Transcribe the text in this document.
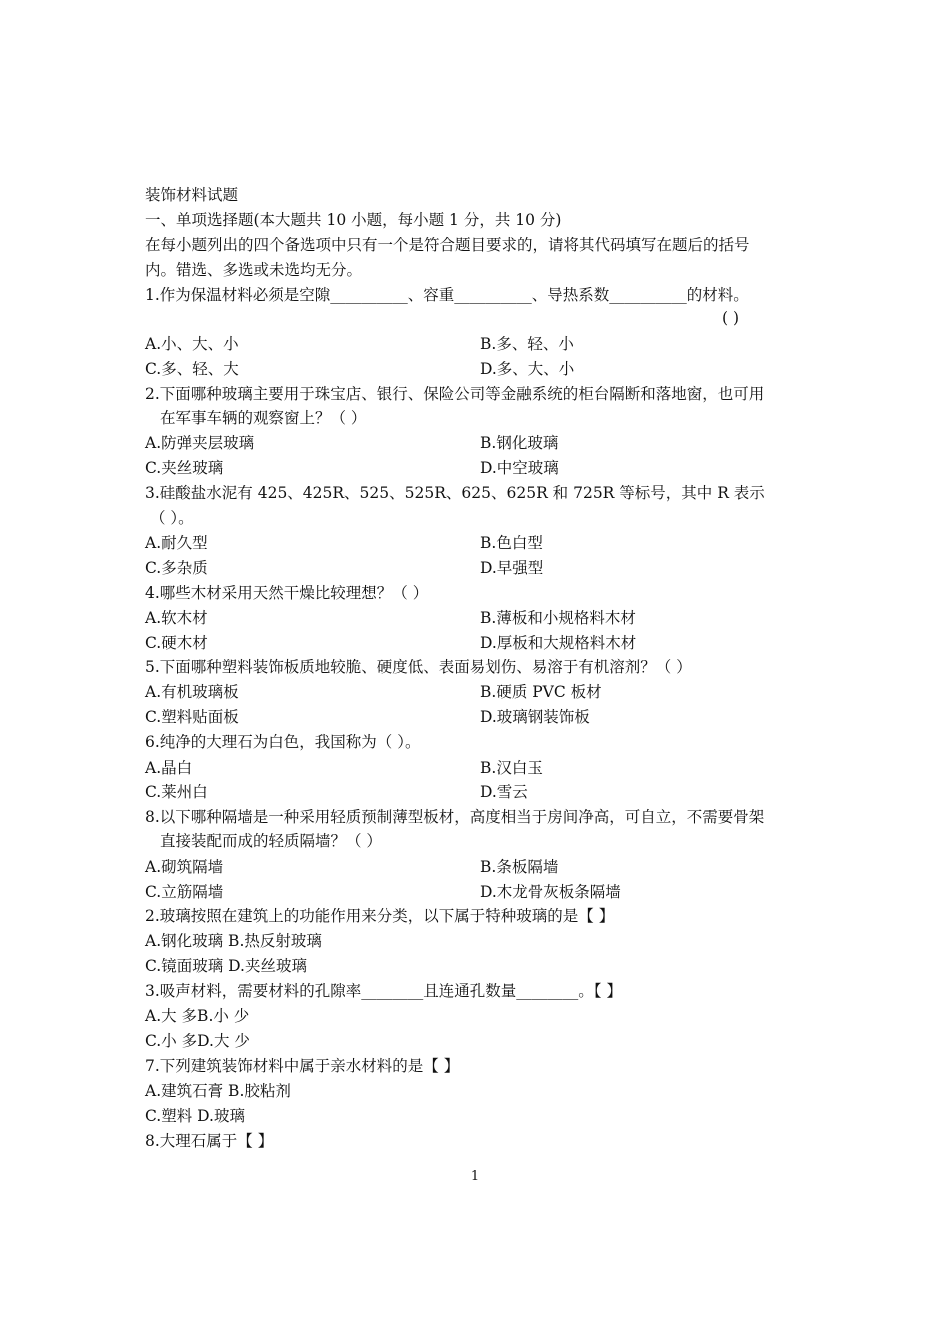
装饰材料试题
一、单项选择题(本大题共 10 小题，每小题 1 分，共 10 分)
在每小题列出的四个备选项中只有一个是符合题目要求的，请将其代码填写在题后的括号
内。错选、多选或未选均无分。
1.作为保温材料必须是空隙__________、容重__________、导热系数__________的材料。
( )
A.小、大、小	B.多、轻、小
C.多、轻、大	D.多、大、小
2.下面哪种玻璃主要用于珠宝店、银行、保险公司等金融系统的柜台隔断和落地窗，也可用
在军事车辆的观察窗上？（ ）
A.防弹夹层玻璃	B.钢化玻璃
C.夹丝玻璃	D.中空玻璃
3.硅酸盐水泥有 425、425R、525、525R、625、625R 和 725R 等标号，其中 R 表示
（ ）。
A.耐久型	B.色白型
C.多杂质	D.早强型
4.哪些木材采用天然干燥比较理想？（ ）
A.软木材	B.薄板和小规格料木材
C.硬木材	D.厚板和大规格料木材
5.下面哪种塑料装饰板质地较脆、硬度低、表面易划伤、易溶于有机溶剂？（ ）
A.有机玻璃板	B.硬质 PVC 板材
C.塑料贴面板	D.玻璃钢装饰板
6.纯净的大理石为白色，我国称为（ ）。
A.晶白	B.汉白玉
C.莱州白	D.雪云
8.以下哪种隔墙是一种采用轻质预制薄型板材，高度相当于房间净高，可自立，不需要骨架
直接装配而成的轻质隔墙？（ ）
A.砌筑隔墙	B.条板隔墙
C.立筋隔墙	D.木龙骨灰板条隔墙
2.玻璃按照在建筑上的功能作用来分类，以下属于特种玻璃的是【 】
A.钢化玻璃 B.热反射玻璃
C.镜面玻璃 D.夹丝玻璃
3.吸声材料，需要材料的孔隙率________且连通孔数量________。【 】
A.大 多B.小 少
C.小 多D.大 少
7.下列建筑装饰材料中属于亲水材料的是【 】
A.建筑石膏 B.胶粘剂
C.塑料 D.玻璃
8.大理石属于【 】
1
